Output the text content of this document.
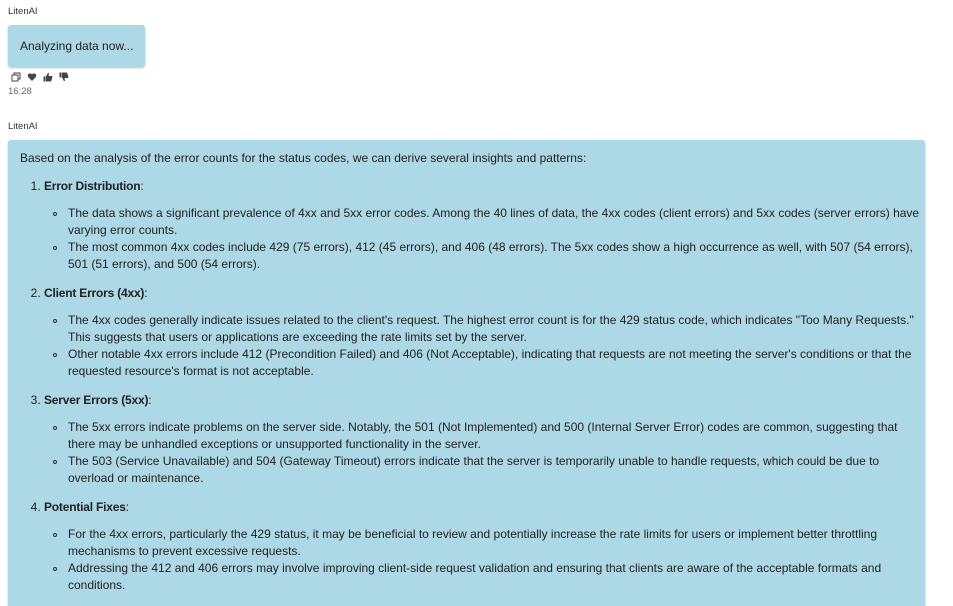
LitenAI
Analyzing data now...
16:28
LitenAI

Based on the analysis of the error counts for the status codes, we can derive several insights and patterns:

1. Error Distribution:
The data shows a significant prevalence of 4xx and 5xx error codes. Among the 40 lines of data, the 4xx codes (client errors) and 5xx codes (server errors) have varying error counts.
The most common 4xx codes include 429 (75 errors), 412 (45 errors), and 406 (48 errors). The 5xx codes show a high occurrence as well, with 507 (54 errors), 501 (51 errors), and 500 (54 errors).
2. Client Errors (4xx):
The 4xx codes generally indicate issues related to the client's request. The highest error count is for the 429 status code, which indicates "Too Many Requests." This suggests that users or applications are exceeding the rate limits set by the server.
Other notable 4xx errors include 412 (Precondition Failed) and 406 (Not Acceptable), indicating that requests are not meeting the server's conditions or that the requested resource's format is not acceptable.
3. Server Errors (5xx):
The 5xx errors indicate problems on the server side. Notably, the 501 (Not Implemented) and 500 (Internal Server Error) codes are common, suggesting that there may be unhandled exceptions or unsupported functionality in the server.
The 503 (Service Unavailable) and 504 (Gateway Timeout) errors indicate that the server is temporarily unable to handle requests, which could be due to overload or maintenance.
4. Potential Fixes:
For the 4xx errors, particularly the 429 status, it may be beneficial to review and potentially increase the rate limits for users or implement better throttling mechanisms to prevent excessive requests.
Addressing the 412 and 406 errors may involve improving client-side request validation and ensuring that clients are aware of the acceptable formats and conditions.
